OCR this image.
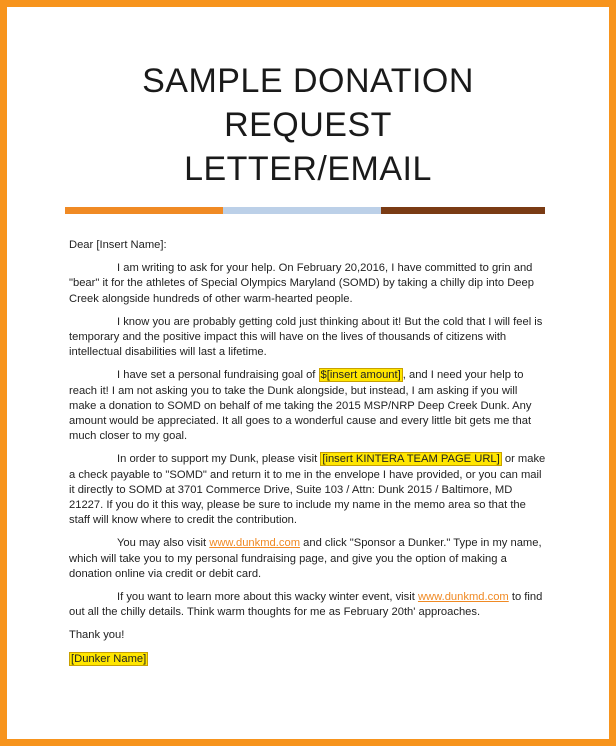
SAMPLE DONATION
REQUEST
LETTER/EMAIL

Dear [Insert Name]:

I am writing to ask for your help. On February 20,2016, I have committed to grin and "bear" it for the athletes of Special Olympics Maryland (SOMD) by taking a chilly dip into Deep Creek alongside hundreds of other warm-hearted people.

I know you are probably getting cold just thinking about it! But the cold that I will feel is temporary and the positive impact this will have on the lives of thousands of citizens with intellectual disabilities will last a lifetime.

I have set a personal fundraising goal of $[insert amount] , and I need your help to reach it! I am not asking you to take the Dunk alongside, but instead, I am asking if you will make a donation to SOMD on behalf of me taking the 2015 MSP/NRP Deep Creek Dunk. Any amount would be appreciated. It all goes to a wonderful cause and every little bit gets me that much closer to my goal.

In order to support my Dunk, please visit [insert KINTERA TEAM PAGE URL] or make a check payable to "SOMD" and return it to me in the envelope I have provided, or you can mail it directly to SOMD at 3701 Commerce Drive, Suite 103 / Attn: Dunk 2015 / Baltimore, MD 21227. If you do it this way, please be sure to include my name in the memo area so that the staff will know where to credit the contribution.

You may also visit www.dunkmd.com and click "Sponsor a Dunker." Type in my name, which will take you to my personal fundraising page, and give you the option of making a donation online via credit or debit card.

If you want to learn more about this wacky winter event, visit www.dunkmd.com to find out all the chilly details. Think warm thoughts for me as February 20th' approaches.

Thank you!

[Dunker Name]
